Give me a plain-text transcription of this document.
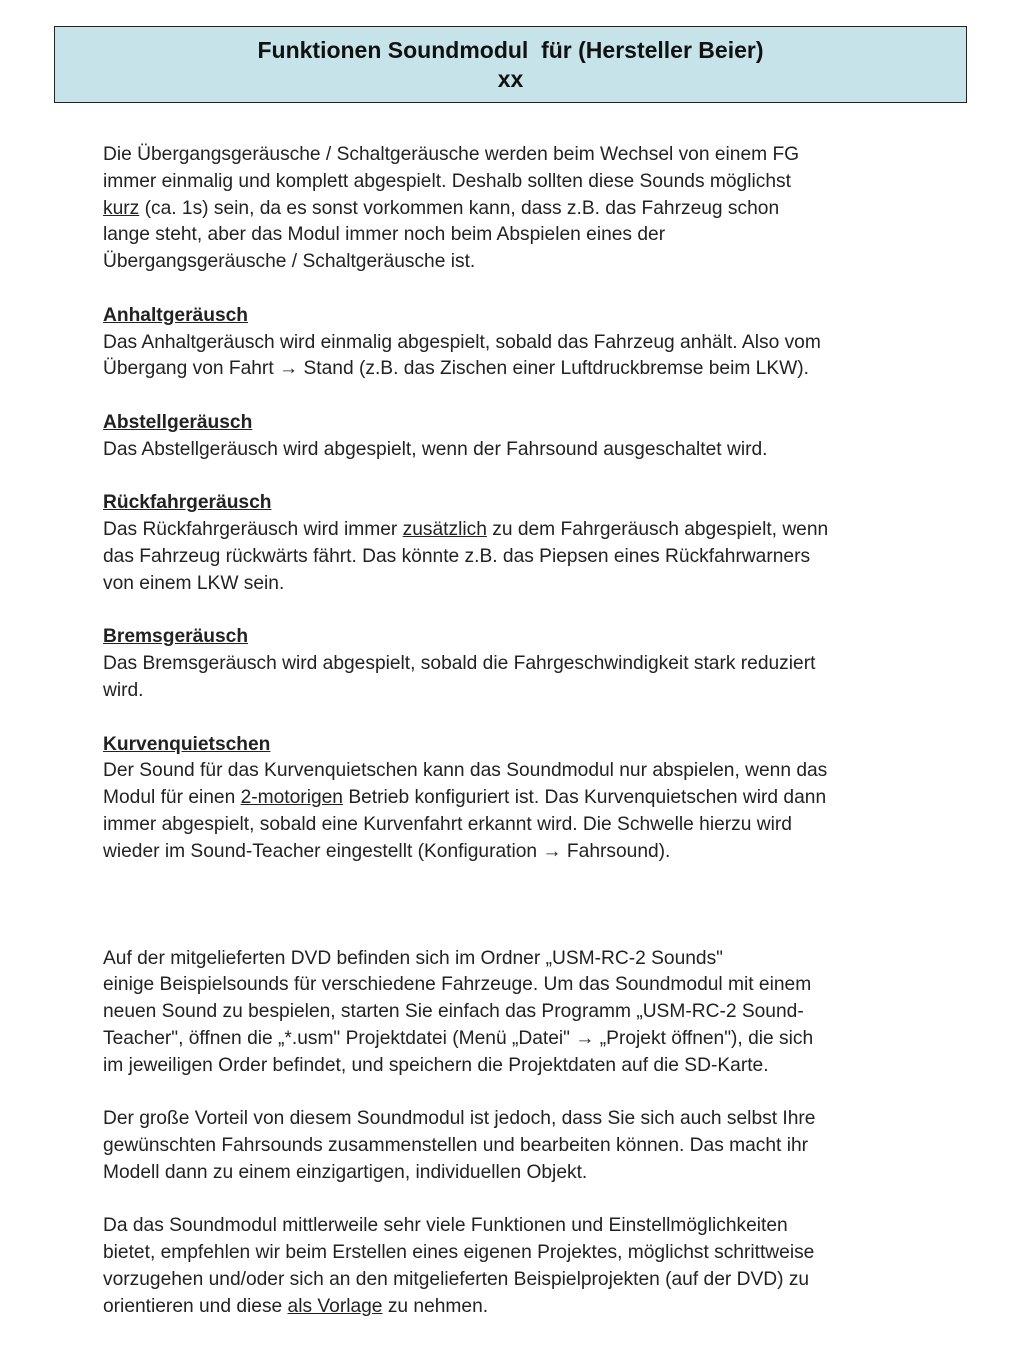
Funktionen Soundmodul  für (Hersteller Beier)
xx

Die Übergangsgeräusche / Schaltgeräusche werden beim Wechsel von einem FG
immer einmalig und komplett abgespielt. Deshalb sollten diese Sounds möglichst
kurz (ca. 1s) sein, da es sonst vorkommen kann, dass z.B. das Fahrzeug schon
lange steht, aber das Modul immer noch beim Abspielen eines der
Übergangsgeräusche / Schaltgeräusche ist.

Anhaltgeräusch
Das Anhaltgeräusch wird einmalig abgespielt, sobald das Fahrzeug anhält. Also vom
Übergang von Fahrt → Stand (z.B. das Zischen einer Luftdruckbremse beim LKW).

Abstellgeräusch
Das Abstellgeräusch wird abgespielt, wenn der Fahrsound ausgeschaltet wird.

Rückfahrgeräusch
Das Rückfahrgeräusch wird immer zusätzlich zu dem Fahrgeräusch abgespielt, wenn
das Fahrzeug rückwärts fährt. Das könnte z.B. das Piepsen eines Rückfahrwarners
von einem LKW sein.

Bremsgeräusch
Das Bremsgeräusch wird abgespielt, sobald die Fahrgeschwindigkeit stark reduziert
wird.

Kurvenquietschen
Der Sound für das Kurvenquietschen kann das Soundmodul nur abspielen, wenn das
Modul für einen 2-motorigen Betrieb konfiguriert ist. Das Kurvenquietschen wird dann
immer abgespielt, sobald eine Kurvenfahrt erkannt wird. Die Schwelle hierzu wird
wieder im Sound-Teacher eingestellt (Konfiguration → Fahrsound).

Auf der mitgelieferten DVD befinden sich im Ordner „USM-RC-2 Sounds"
einige Beispielsounds für verschiedene Fahrzeuge. Um das Soundmodul mit einem
neuen Sound zu bespielen, starten Sie einfach das Programm „USM-RC-2 Sound-
Teacher", öffnen die „*.usm" Projektdatei (Menü „Datei" → „Projekt öffnen"), die sich
im jeweiligen Order befindet, und speichern die Projektdaten auf die SD-Karte.

Der große Vorteil von diesem Soundmodul ist jedoch, dass Sie sich auch selbst Ihre
gewünschten Fahrsounds zusammenstellen und bearbeiten können. Das macht ihr
Modell dann zu einem einzigartigen, individuellen Objekt.

Da das Soundmodul mittlerweile sehr viele Funktionen und Einstellmöglichkeiten
bietet, empfehlen wir beim Erstellen eines eigenen Projektes, möglichst schrittweise
vorzugehen und/oder sich an den mitgelieferten Beispielprojekten (auf der DVD) zu
orientieren und diese als Vorlage zu nehmen.
